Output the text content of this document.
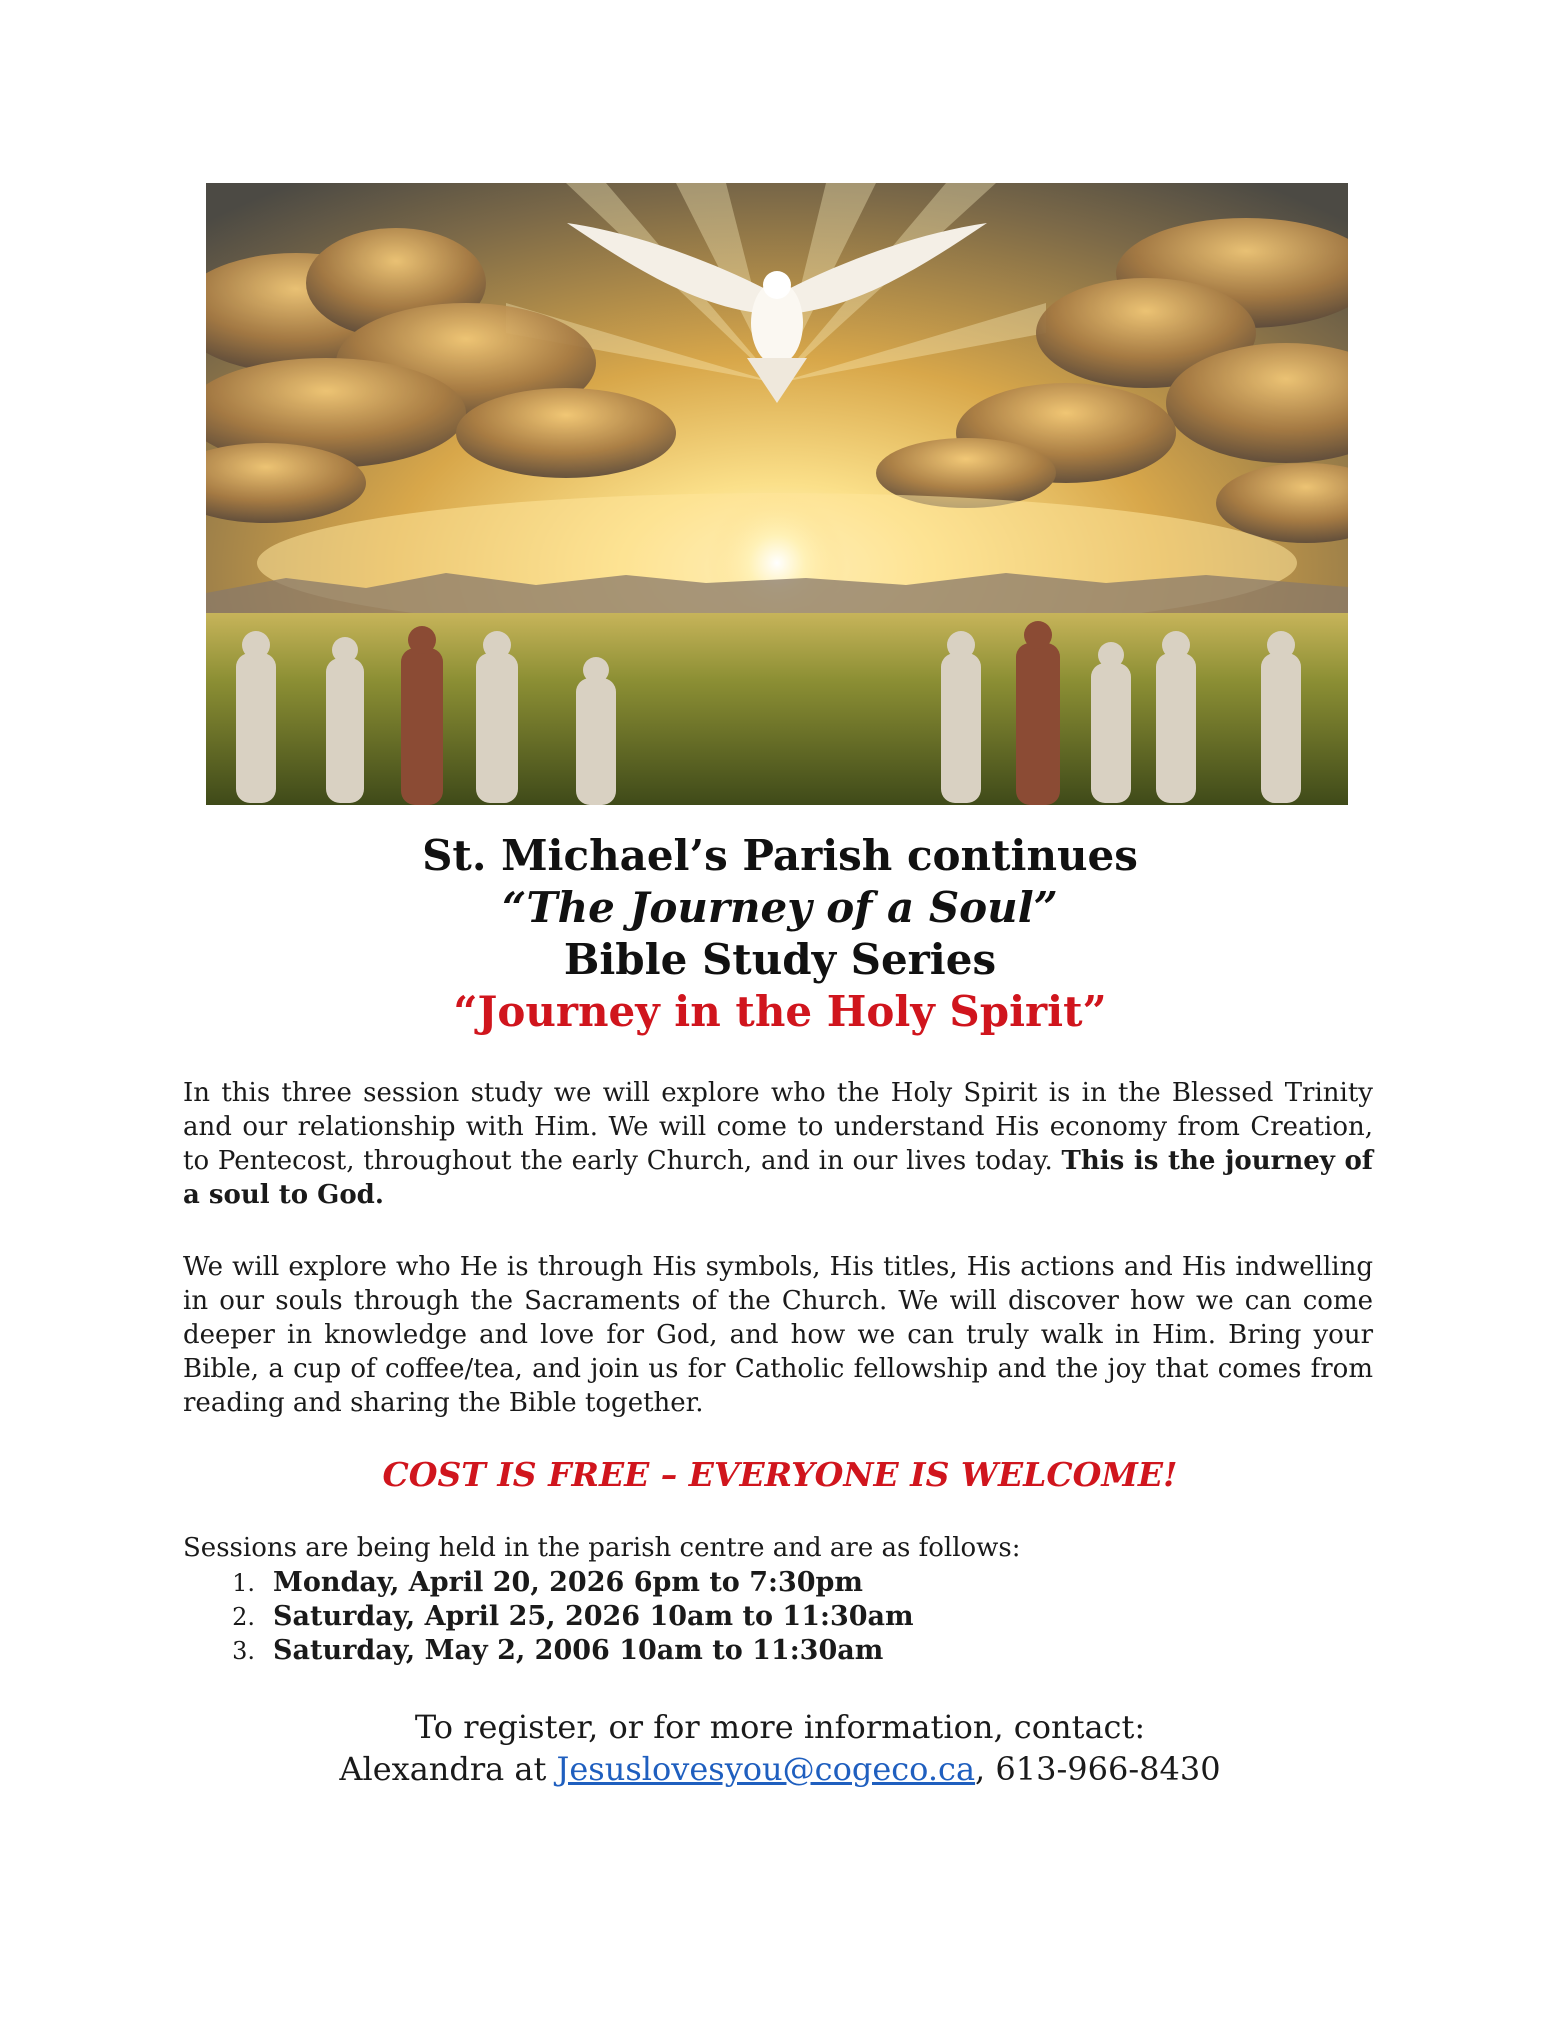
St. Michael’s Parish continues
“The Journey of a Soul”
Bible Study Series
“Journey in the Holy Spirit”
In this three session study we will explore who the Holy Spirit is in the Blessed Trinity and our relationship with Him. We will come to understand His economy from Creation, to Pentecost, throughout the early Church, and in our lives today. This is the journey of a soul to God.
We will explore who He is through His symbols, His titles, His actions and His indwelling in our souls through the Sacraments of the Church. We will discover how we can come deeper in knowledge and love for God, and how we can truly walk in Him. Bring your Bible, a cup of coffee/tea, and join us for Catholic fellowship and the joy that comes from reading and sharing the Bible together.
COST IS FREE – EVERYONE IS WELCOME!
Sessions are being held in the parish centre and are as follows:
1. Monday, April 20, 2026 6pm to 7:30pm
2. Saturday, April 25, 2026 10am to 11:30am
3. Saturday, May 2, 2006 10am to 11:30am
To register, or for more information, contact:
Alexandra at Jesuslovesyou@cogeco.ca, 613-966-8430
